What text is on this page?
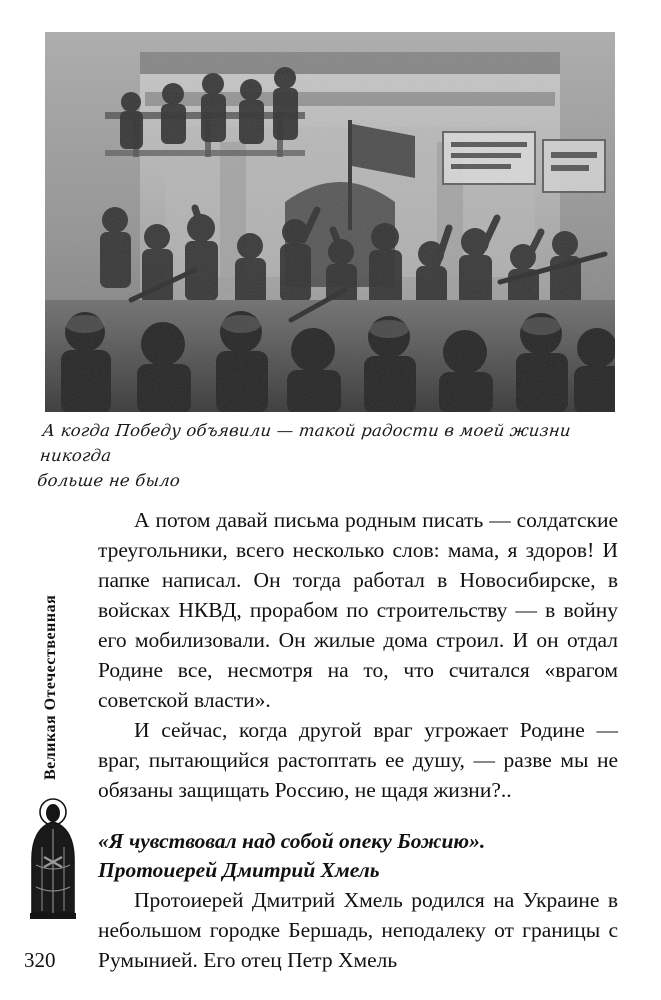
А когда Победу объявили — такой радости в моей жизни никогда
больше не было
Великая Отечественная
320

А потом давай письма родным писать — солдатские треугольники, всего несколько слов: мама, я здоров! И папке написал. Он тогда работал в Новосибирске, в войсках НКВД, прорабом по строительству — в войну его мобилизовали. Он жилые дома строил. И он отдал Родине все, несмотря на то, что считался «врагом советской власти».

И сейчас, когда другой враг угрожает Родине — враг, пытающийся растоптать ее душу, — разве мы не обязаны защищать Россию, не щадя жизни?..

«Я чувствовал над собой опеку Божию».
Протоиерей Дмитрий Хмель

Протоиерей Дмитрий Хмель родился на Украине в небольшом городке Бершадь, неподалеку от границы с Румынией. Его отец Петр Хмель
